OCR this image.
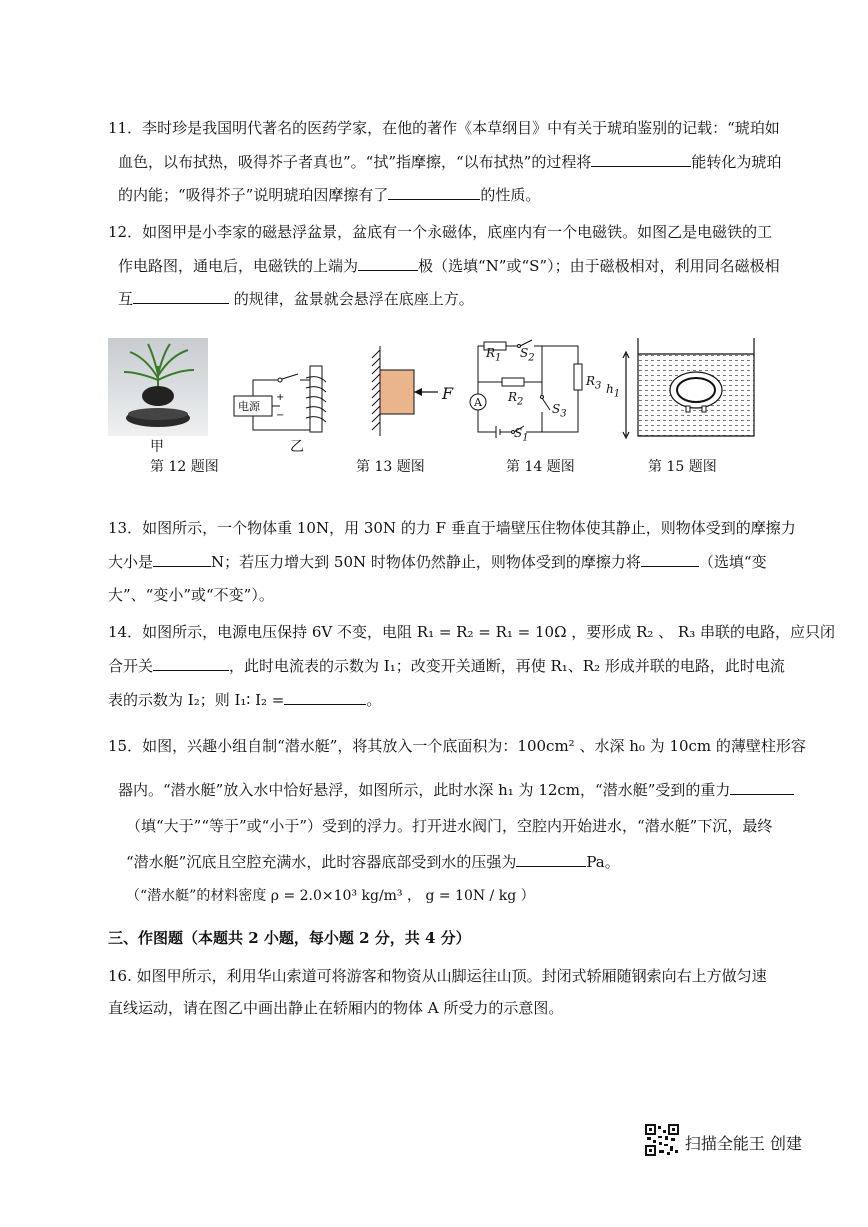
11．李时珍是我国明代著名的医药学家，在他的著作《本草纲目》中有关于琥珀鉴别的记载：“琥珀如
血色，以布拭热，吸得芥子者真也”。“拭”指摩擦，“以布拭热”的过程将	能转化为琥珀
的内能；“吸得芥子”说明琥珀因摩擦有了	的性质。
12．如图甲是小李家的磁悬浮盆景，盆底有一个永磁体，底座内有一个电磁铁。如图乙是电磁铁的工
作电路图，通电后，电磁铁的上端为	极（选填“N”或“S”）；由于磁极相对，利用同名磁极相
互	的规律，盆景就会悬浮在底座上方。
甲
电源
+
−
乙
第 12 题图
F
第 13 题图
$R_1$ $S_2$
$R_3$
$R_2$
A	$S_3$
$S_1$
第 14 题图
$h_1$
第 15 题图
13．如图所示，一个物体重 10N，用 30N 的力 F 垂直于墙壁压住物体使其静止，则物体受到的摩擦力
大小是	N；若压力增大到 50N 时物体仍然静止，则物体受到的摩擦力将	（选填“变
大”、“变小”或“不变”）。
14．如图所示，电源电压保持 6V 不变，电阻 R₁ = R₂ = R₁ = 10Ω ，要形成 R₂ 、 R₃ 串联的电路，应只闭
合开关	，此时电流表的示数为 I₁；改变开关通断，再使 R₁、R₂ 形成并联的电路，此时电流
表的示数为 I₂；则 I₁∶ I₂ =	。
15．如图，兴趣小组自制“潜水艇”，将其放入一个底面积为：100cm² 、水深 h₀ 为 10cm 的薄壁柱形容
器内。“潜水艇”放入水中恰好悬浮，如图所示，此时水深 h₁ 为 12cm，“潜水艇”受到的重力
（填“大于”“等于”或“小于”）受到的浮力。打开进水阀门，空腔内开始进水，“潜水艇”下沉，最终
“潜水艇”沉底且空腔充满水，此时容器底部受到水的压强为	Pa。
（“潜水艇”的材料密度 ρ = 2.0×10³ kg/m³ ， g = 10N / kg ）
三、作图题（本题共 2 小题，每小题 2 分，共 4 分）
16. 如图甲所示，利用华山索道可将游客和物资从山脚运往山顶。封闭式轿厢随钢索向右上方做匀速
直线运动，请在图乙中画出静止在轿厢内的物体 A 所受力的示意图。
扫描全能王 创建
